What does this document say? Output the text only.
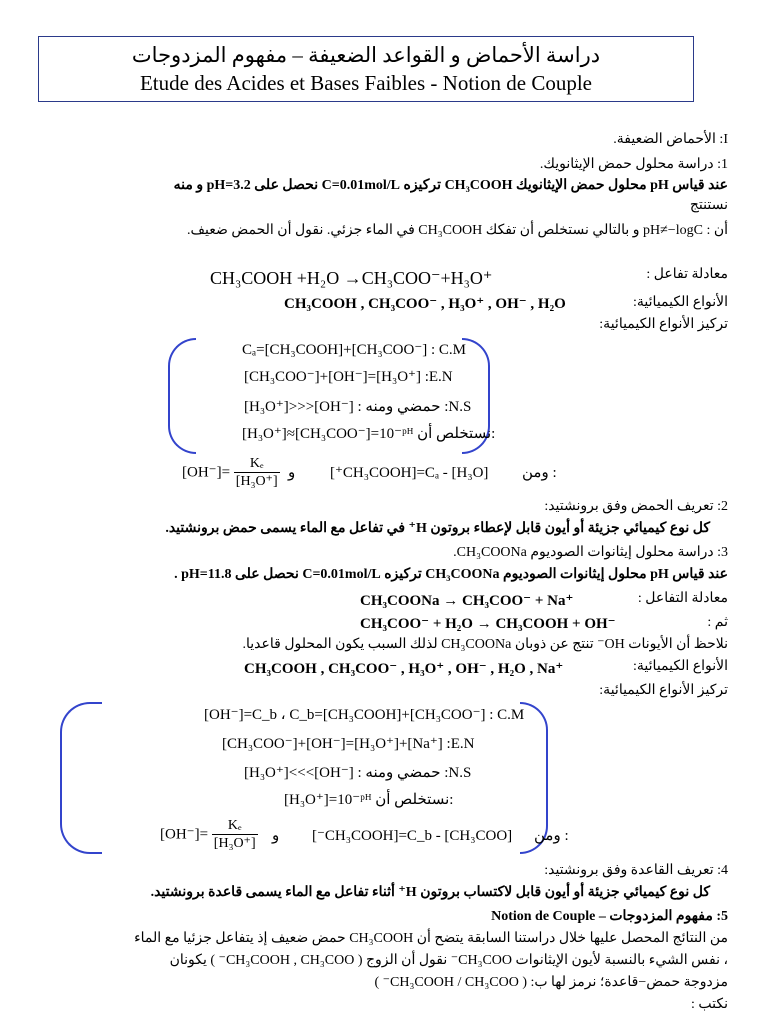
دراسة الأحماض و القواعد الضعيفة – مفهوم المزدوجات
Etude des Acides et Bases Faibles - Notion de Couple
I: الأحماض الضعيفة.
1: دراسة محلول حمض الإيثانويك.
عند قياس pH محلول حمض الإيثانويك CH₃COOH تركيزه C=0.01mol/L نحصل على pH=3.2 و منه
نستنتج
أن : pH≠−logC و بالتالي نستخلص أن تفكك CH₃COOH في الماء جزئي. نقول أن الحمض ضعيف.
معادلة تفاعل :
CH₃COOH +H₂O →CH₃COO⁻+H₃O⁺
الأنواع الكيميائية:
CH₃COOH , CH₃COO⁻ , H₃O⁺ , OH⁻ , H₂O
تركيز الأنواع الكيميائية:
Cₐ=[CH₃COOH]+[CH₃COO⁻] : C.M
[CH₃COO⁻]+[OH⁻]=[H₃O⁺] :E.N
[H₃O⁺]>>>[OH⁻] : حمضي ومنه :N.S
[H₃O⁺]≈[CH₃COO⁻]=10⁻ᵖᴴ نستخلص أن:
$[OH^-]= \frac{\text{Kₑ}}{\text{[H₃O⁺]}}$ و [⁺CH₃COOH]=Cₐ - [H₃O] ومن :
2: تعريف الحمض وفق برونشتيد:
كل نوع كيميائي جزيئة أو أيون قابل لإعطاء بروتون H⁺ في تفاعل مع الماء يسمى حمض برونشتيد.
3: دراسة محلول إيثانوات الصوديوم CH₃COONa.
عند قياس pH محلول إيثانوات الصوديوم CH₃COONa تركيزه C=0.01mol/L نحصل على pH=11.8 .
معادلة التفاعل :
CH₃COONa → CH₃COO⁻ + Na⁺
CH₃COO⁻ + H₂O → CH₃COOH + OH⁻	ثم :
نلاحظ أن الأيونات OH⁻ تنتج عن ذوبان CH₃COONa لذلك السبب يكون المحلول قاعديا.
الأنواع الكيميائية:
CH₃COOH , CH₃COO⁻ , H₃O⁺ , OH⁻ , H₂O , Na⁺
تركيز الأنواع الكيميائية:
[OH⁻]=C_b ، C_b=[CH₃COOH]+[CH₃COO⁻] : C.M
[CH₃COO⁻]+[OH⁻]=[H₃O⁺]+[Na⁺] :E.N
[H₃O⁺]<<<[OH⁻] : حمضي ومنه :N.S
[H₃O⁺]=10⁻ᵖᴴ نستخلص أن:
$[OH^-]= \frac{\text{Kₑ}}{\text{[H₃O⁺]}}$ و [⁻CH₃COOH]=C_b - [CH₃COO] ومن :
4: تعريف القاعدة وفق برونشتيد:
كل نوع كيميائي جزيئة أو أيون قابل لاكتساب بروتون H⁺ أثناء تفاعل مع الماء يسمى قاعدة برونشتيد.
5: مفهوم المزدوجات – Notion de Couple
من النتائج المحصل عليها خلال دراستنا السابقة يتضح أن CH₃COOH حمض ضعيف إذ يتفاعل جزئيا مع الماء
، نفس الشيء بالنسبة لأيون الإيثانوات CH₃COO⁻ نقول أن الزوج ( CH₃COOH , CH₃COO⁻ ) يكونان
مزدوجة حمض−قاعدة؛ نرمز لها ب: ( CH₃COOH / CH₃COO⁻ )
نكتب :
